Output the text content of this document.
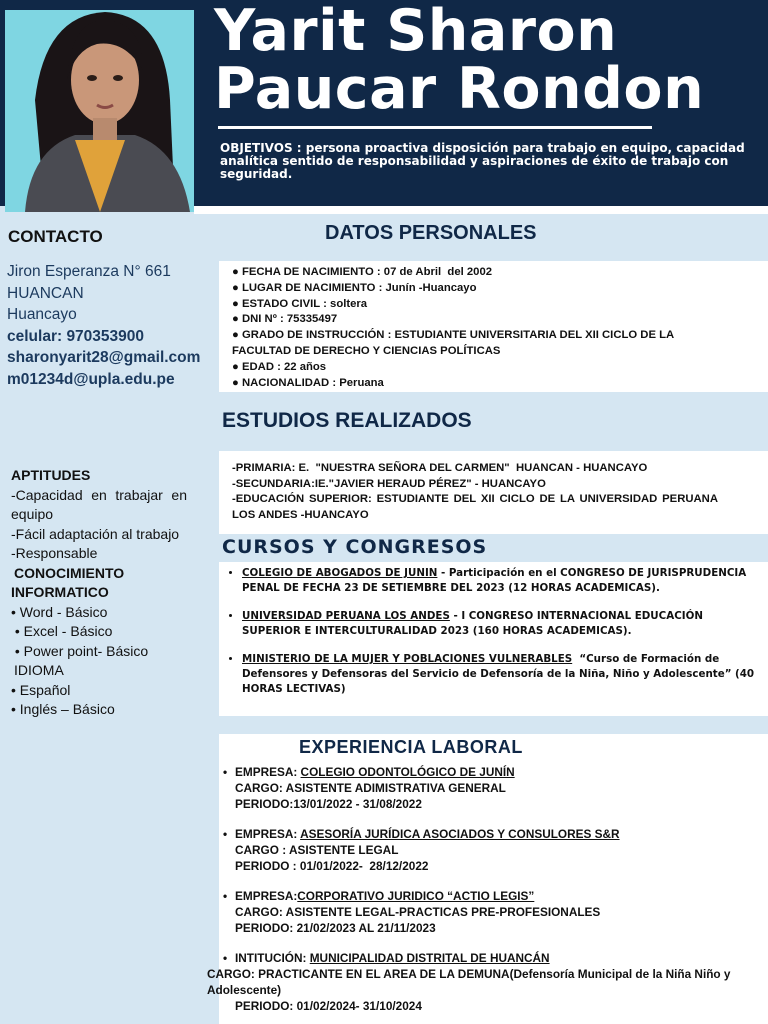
Yarit Sharon
Paucar Rondon
OBJETIVOS : persona proactiva disposición para trabajo en equipo, capacidad analítica sentido de responsabilidad y aspiraciones de éxito de trabajo con seguridad.
CONTACTO
Jiron Esperanza N° 661
HUANCAN
Huancayo
celular: 970353900
sharonyarit28@gmail.com
m01234d@upla.edu.pe
APTITUDES
-Capacidad en trabajar en equipo
-Fácil adaptación al trabajo
-Responsable
CONOCIMIENTO
INFORMATICO
• Word - Básico
• Excel - Básico
• Power point- Básico
IDIOMA
• Español
• Inglés – Básico
DATOS PERSONALES
● FECHA DE NACIMIENTO : 07 de Abril  del 2002
● LUGAR DE NACIMIENTO : Junín -Huancayo
● ESTADO CIVIL : soltera
● DNI Nº : 75335497
● GRADO DE INSTRUCCIÓN : ESTUDIANTE UNIVERSITARIA DEL XII CICLO DE LA
FACULTAD DE DERECHO Y CIENCIAS POLÍTICAS
● EDAD : 22 años
● NACIONALIDAD : Peruana
ESTUDIOS REALIZADOS
-PRIMARIA: E.  "NUESTRA SEÑORA DEL CARMEN"  HUANCAN - HUANCAYO
-SECUNDARIA:IE."JAVIER HERAUD PÉREZ" - HUANCAYO
-EDUCACIÓN SUPERIOR: ESTUDIANTE DEL XII CICLO DE LA UNIVERSIDAD PERUANA LOS ANDES -HUANCAYO
CURSOS Y CONGRESOS
• COLEGIO DE ABOGADOS DE JUNIN - Participación en el CONGRESO DE JURISPRUDENCIA PENAL DE FECHA 23 DE SETIEMBRE DEL 2023 (12 HORAS ACADEMICAS).
• UNIVERSIDAD PERUANA LOS ANDES - I CONGRESO INTERNACIONAL EDUCACIÓN SUPERIOR E INTERCULTURALIDAD 2023 (160 HORAS ACADEMICAS).
• MINISTERIO DE LA MUJER Y POBLACIONES VULNERABLES  “Curso de Formación de Defensores y Defensoras del Servicio de Defensoría de la Niña, Niño y Adolescente” (40 HORAS LECTIVAS)
EXPERIENCIA LABORAL
• EMPRESA: COLEGIO ODONTOLÓGICO DE JUNÍN
CARGO: ASISTENTE ADIMISTRATIVA GENERAL
PERIODO:13/01/2022 - 31/08/2022
• EMPRESA: ASESORÍA JURÍDICA ASOCIADOS Y CONSULORES S&R
CARGO : ASISTENTE LEGAL
PERIODO : 01/01/2022-  28/12/2022
• EMPRESA:CORPORATIVO JURIDICO “ACTIO LEGIS”
CARGO: ASISTENTE LEGAL-PRACTICAS PRE-PROFESIONALES
PERIODO: 21/02/2023 AL 21/11/2023
• INTITUCIÓN: MUNICIPALIDAD DISTRITAL DE HUANCÁN
CARGO: PRACTICANTE EN EL AREA DE LA DEMUNA(Defensoría Municipal de la Niña Niño y Adolescente)
PERIODO: 01/02/2024- 31/10/2024
